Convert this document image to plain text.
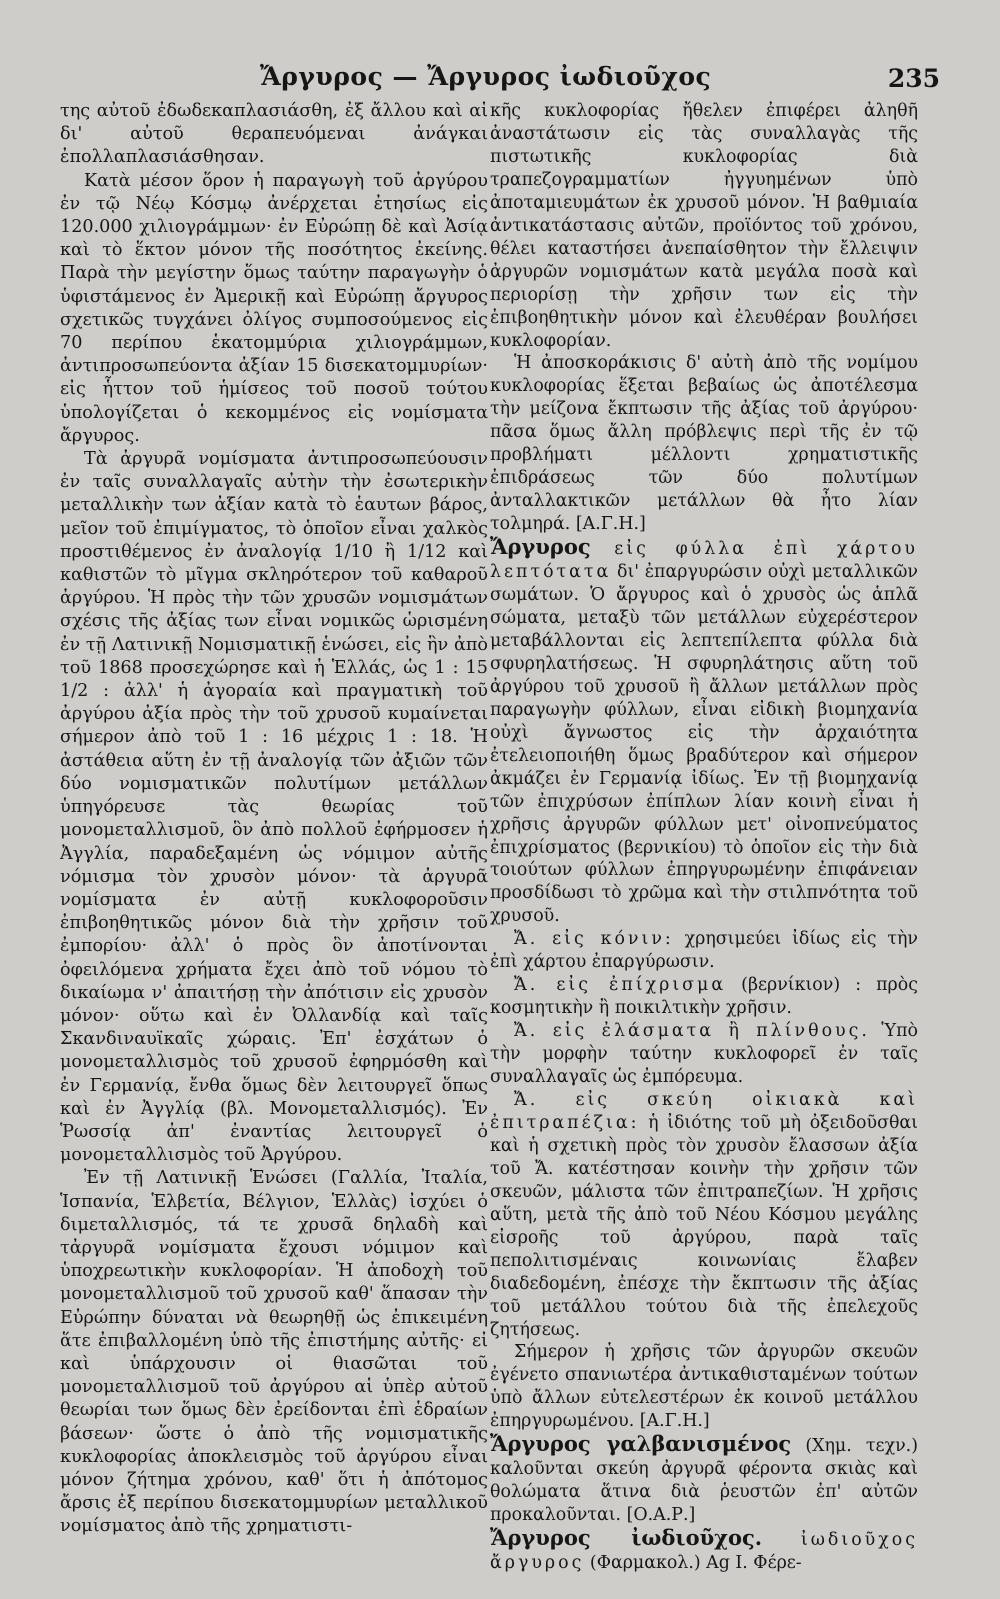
Ἄργυρος — Ἄργυρος ἰωδιοῦχος	235

της αὐτοῦ ἐδωδεκαπλασιάσθη, ἐξ ἄλλου καὶ αἱ δι' αὐτοῦ θεραπευόμεναι ἀνάγκαι ἐπολλαπλασιάσθησαν.

Κατὰ μέσον ὅρον ἡ παραγωγὴ τοῦ ἀργύρου ἐν τῷ Νέῳ Κόσμῳ ἀνέρχεται ἐτησίως εἰς 120.000 χιλιογράμμων· ἐν Εὐρώπῃ δὲ καὶ Ἀσίᾳ καὶ τὸ ἕκτον μόνον τῆς ποσότητος ἐκείνης. Παρὰ τὴν μεγίστην ὅμως ταύτην παραγωγὴν ὁ ὑφιστάμενος ἐν Ἀμερικῇ καὶ Εὐρώπῃ ἄργυρος σχετικῶς τυγχάνει ὀλίγος συμποσούμενος εἰς 70 περίπου ἑκατομμύρια χιλιογράμμων, ἀντιπροσωπεύοντα ἀξίαν 15 δισεκατομμυρίων· εἰς ἧττον τοῦ ἡμίσεος τοῦ ποσοῦ τούτου ὑπολογίζεται ὁ κεκομμένος εἰς νομίσματα ἄργυρος.

Τὰ ἀργυρᾶ νομίσματα ἀντιπροσωπεύουσιν ἐν ταῖς συναλλαγαῖς αὐτὴν τὴν ἐσωτερικὴν μεταλλικὴν των ἀξίαν κατὰ τὸ ἑαυτων βάρος, μεῖον τοῦ ἐπιμίγματος, τὸ ὁποῖον εἶναι χαλκὸς προστιθέμενος ἐν ἀναλογίᾳ 1/10 ἢ 1/12 καὶ καθιστῶν τὸ μῖγμα σκληρότερον τοῦ καθαροῦ ἀργύρου. Ἡ πρὸς τὴν τῶν χρυσῶν νομισμάτων σχέσις τῆς ἀξίας των εἶναι νομικῶς ὡρισμένη ἐν τῇ Λατινικῇ Νομισματικῇ ἑνώσει, εἰς ἣν ἀπὸ τοῦ 1868 προσεχώρησε καὶ ἡ Ἑλλάς, ὡς 1 : 15 1/2 : ἀλλ' ἡ ἀγοραία καὶ πραγματικὴ τοῦ ἀργύρου ἀξία πρὸς τὴν τοῦ χρυσοῦ κυμαίνεται σήμερον ἀπὸ τοῦ 1 : 16 μέχρις 1 : 18. Ἡ ἀστάθεια αὕτη ἐν τῇ ἀναλογίᾳ τῶν ἀξιῶν τῶν δύο νομισματικῶν πολυτίμων μετάλλων ὑπηγόρευσε τὰς θεωρίας τοῦ μονομεταλλισμοῦ, ὃν ἀπὸ πολλοῦ ἐφήρμοσεν ἡ Ἀγγλία, παραδεξαμένη ὡς νόμιμον αὐτῆς νόμισμα τὸν χρυσὸν μόνον· τὰ ἀργυρᾶ νομίσματα ἐν αὐτῇ κυκλοφοροῦσιν ἐπιβοηθητικῶς μόνον διὰ τὴν χρῆσιν τοῦ ἐμπορίου· ἀλλ' ὁ πρὸς ὃν ἀποτίνονται ὀφειλόμενα χρήματα ἔχει ἀπὸ τοῦ νόμου τὸ δικαίωμα ν' ἀπαιτήσῃ τὴν ἀπότισιν εἰς χρυσὸν μόνον· οὕτω καὶ ἐν Ὀλλανδίᾳ καὶ ταῖς Σκανδιναυϊκαῖς χώραις. Ἐπ' ἐσχάτων ὁ μονομεταλλισμὸς τοῦ χρυσοῦ ἐφηρμόσθη καὶ ἐν Γερμανίᾳ, ἔνθα ὅμως δὲν λειτουργεῖ ὅπως καὶ ἐν Ἀγγλίᾳ (βλ. Μονομεταλλισμός). Ἐν Ῥωσσίᾳ ἀπ' ἐναντίας λειτουργεῖ ὁ μονομεταλλισμὸς τοῦ Ἀργύρου.

Ἐν τῇ Λατινικῇ Ἑνώσει (Γαλλία, Ἰταλία, Ἱσπανία, Ἑλβετία, Βέλγιον, Ἑλλὰς) ἰσχύει ὁ διμεταλλισμός, τά τε χρυσᾶ δηλαδὴ καὶ τἀργυρᾶ νομίσματα ἔχουσι νόμιμον καὶ ὑποχρεωτικὴν κυκλοφορίαν. Ἡ ἀποδοχὴ τοῦ μονομεταλλισμοῦ τοῦ χρυσοῦ καθ' ἅπασαν τὴν Εὐρώπην δύναται νὰ θεωρηθῇ ὡς ἐπικειμένη ἅτε ἐπιβαλλομένη ὑπὸ τῆς ἐπιστήμης αὐτῆς· εἰ καὶ ὑπάρχουσιν οἱ θιασῶται τοῦ μονομεταλλισμοῦ τοῦ ἀργύρου αἱ ὑπὲρ αὐτοῦ θεωρίαι των ὅμως δὲν ἐρείδονται ἐπὶ ἑδραίων βάσεων· ὥστε ὁ ἀπὸ τῆς νομισματικῆς κυκλοφορίας ἀποκλεισμὸς τοῦ ἀργύρου εἶναι μόνον ζήτημα χρόνου, καθ' ὅτι ἡ ἀπότομος ἄρσις ἐξ περίπου δισεκατομμυρίων μεταλλικοῦ νομίσματος ἀπὸ τῆς χρηματιστι-

κῆς κυκλοφορίας ἤθελεν ἐπιφέρει ἀληθῆ ἀναστάτωσιν εἰς τὰς συναλλαγὰς τῆς πιστωτικῆς κυκλοφορίας διὰ τραπεζογραμματίων ἠγγυημένων ὑπὸ ἀποταμιευμάτων ἐκ χρυσοῦ μόνον. Ἡ βαθμιαία ἀντικατάστασις αὐτῶν, προϊόντος τοῦ χρόνου, θέλει καταστήσει ἀνεπαίσθητον τὴν ἔλλειψιν ἀργυρῶν νομισμάτων κατὰ μεγάλα ποσὰ καὶ περιορίσῃ τὴν χρῆσιν των εἰς τὴν ἐπιβοηθητικὴν μόνον καὶ ἐλευθέραν βουλήσει κυκλοφορίαν.

Ἡ ἀποσκοράκισις δ' αὐτὴ ἀπὸ τῆς νομίμου κυκλοφορίας ἕξεται βεβαίως ὡς ἀποτέλεσμα τὴν μείζονα ἔκπτωσιν τῆς ἀξίας τοῦ ἀργύρου· πᾶσα ὅμως ἄλλη πρόβλεψις περὶ τῆς ἐν τῷ προβλήματι μέλλοντι χρηματιστικῆς ἐπιδράσεως τῶν δύο πολυτίμων ἀνταλλακτικῶν μετάλλων θὰ ἦτο λίαν τολμηρά. [Α.Γ.Η.]

Ἄργυρος εἰς φύλλα ἐπὶ χάρτου λεπτότατα δι' ἐπαργυρώσιν οὐχὶ μεταλλικῶν σωμάτων. Ὁ ἄργυρος καὶ ὁ χρυσὸς ὡς ἁπλᾶ σώματα, μεταξὺ τῶν μετάλλων εὐχερέστερον μεταβάλλονται εἰς λεπτεπίλεπτα φύλλα διὰ σφυρηλατήσεως. Ἡ σφυρηλάτησις αὕτη τοῦ ἀργύρου τοῦ χρυσοῦ ἢ ἄλλων μετάλλων πρὸς παραγωγὴν φύλλων, εἶναι εἰδικὴ βιομηχανία οὐχὶ ἄγνωστος εἰς τὴν ἀρχαιότητα ἐτελειοποιήθη ὅμως βραδύτερον καὶ σήμερον ἀκμάζει ἐν Γερμανίᾳ ἰδίως. Ἐν τῇ βιομηχανίᾳ τῶν ἐπιχρύσων ἐπίπλων λίαν κοινὴ εἶναι ἡ χρῆσις ἀργυρῶν φύλλων μετ' οἰνοπνεύματος ἐπιχρίσματος (βερνικίου) τὸ ὁποῖον εἰς τὴν διὰ τοιούτων φύλλων ἐπηργυρωμένην ἐπιφάνειαν προσδίδωσι τὸ χρῶμα καὶ τὴν στιλπνότητα τοῦ χρυσοῦ.

Ἄ. εἰς κόνιν: χρησιμεύει ἰδίως εἰς τὴν ἐπὶ χάρτου ἐπαργύρωσιν.

Ἄ. εἰς ἐπίχρισμα (βερνίκιον) : πρὸς κοσμητικὴν ἢ ποικιλτικὴν χρῆσιν.

Ἄ. εἰς ἐλάσματα ἢ πλίνθους. Ὑπὸ τὴν μορφὴν ταύτην κυκλοφορεῖ ἐν ταῖς συναλλαγαῖς ὡς ἐμπόρευμα.

Ἄ. εἰς σκεύη οἰκιακὰ καὶ ἐπιτραπέζια: ἡ ἰδιότης τοῦ μὴ ὀξειδοῦσθαι καὶ ἡ σχετικὴ πρὸς τὸν χρυσὸν ἔλασσων ἀξία τοῦ Ἄ. κατέστησαν κοινὴν τὴν χρῆσιν τῶν σκευῶν, μάλιστα τῶν ἐπιτραπεζίων. Ἡ χρῆσις αὕτη, μετὰ τῆς ἀπὸ τοῦ Νέου Κόσμου μεγάλης εἰσροῆς τοῦ ἀργύρου, παρὰ ταῖς πεπολιτισμέναις κοινωνίαις ἔλαβεν διαδεδομένη, ἐπέσχε τὴν ἔκπτωσιν τῆς ἀξίας τοῦ μετάλλου τούτου διὰ τῆς ἐπελεχοῦς ζητήσεως.

Σήμερον ἡ χρῆσις τῶν ἀργυρῶν σκευῶν ἐγένετο σπανιωτέρα ἀντικαθισταμένων τούτων ὑπὸ ἄλλων εὐτελεστέρων ἐκ κοινοῦ μετάλλου ἐπηργυρωμένου. [Α.Γ.Η.]

Ἄργυρος γαλβανισμένος (Χημ. τεχν.) καλοῦνται σκεύη ἀργυρᾶ φέροντα σκιὰς καὶ θολώματα ἅτινα διὰ ῥευστῶν ἐπ' αὐτῶν προκαλοῦνται. [Ο.Α.Ρ.]

Ἄργυρος ἰωδιοῦχος. ἰωδιοῦχος ἄργυρος (Φαρμακολ.) Ag I. Φέρε-
